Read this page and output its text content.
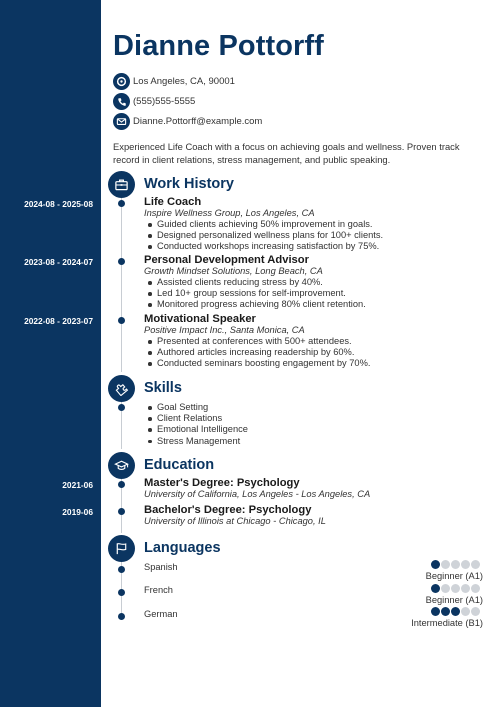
Dianne Pottorff
Los Angeles, CA, 90001
(555)555-5555
Dianne.Pottorff@example.com
Experienced Life Coach with a focus on achieving goals and wellness. Proven track record in client relations, stress management, and public speaking.
Work History
2024-08 - 2025-08	Life Coach
Inspire Wellness Group, Los Angeles, CA
Guided clients achieving 50% improvement in goals.
Designed personalized wellness plans for 100+ clients.
Conducted workshops increasing satisfaction by 75%.
2023-08 - 2024-07	Personal Development Advisor
Growth Mindset Solutions, Long Beach, CA
Assisted clients reducing stress by 40%.
Led 10+ group sessions for self-improvement.
Monitored progress achieving 80% client retention.
2022-08 - 2023-07	Motivational Speaker
Positive Impact Inc., Santa Monica, CA
Presented at conferences with 500+ attendees.
Authored articles increasing readership by 60%.
Conducted seminars boosting engagement by 70%.
Skills
Goal Setting
Client Relations
Emotional Intelligence
Stress Management
Education
2021-06	Master's Degree: Psychology
University of California, Los Angeles - Los Angeles, CA
2019-06	Bachelor's Degree: Psychology
University of Illinois at Chicago - Chicago, IL
Languages
Spanish
Beginner (A1)
French
Beginner (A1)
German
Intermediate (B1)
